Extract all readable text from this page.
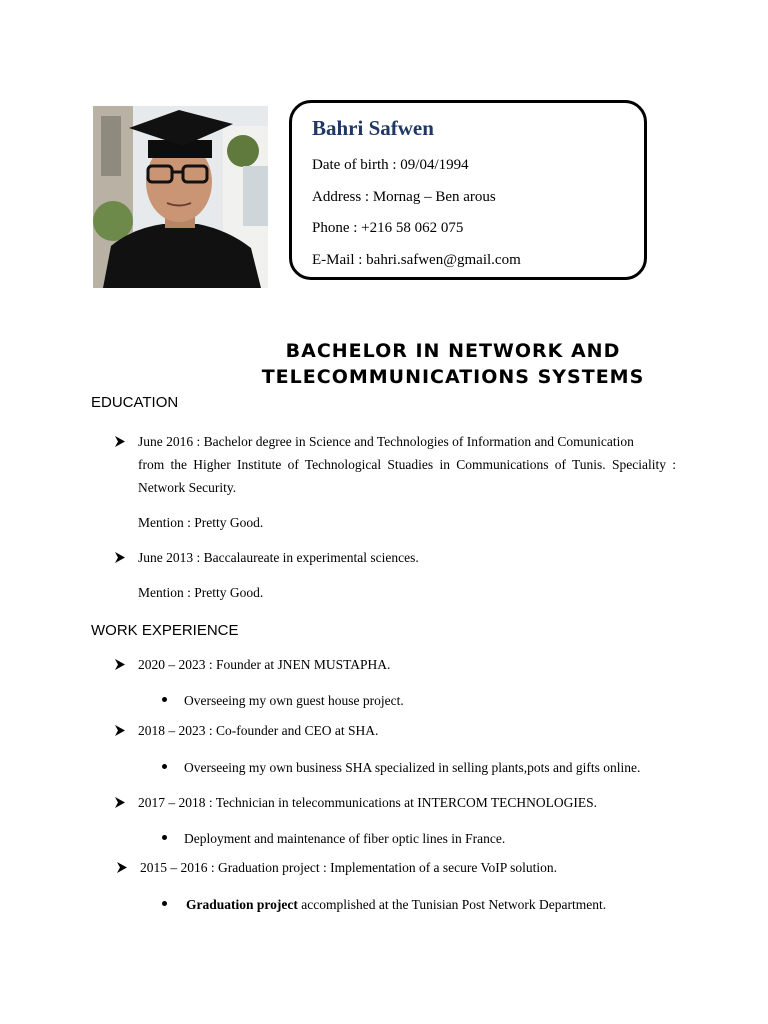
Bahri Safwen
Date of birth : 09/04/1994
Address : Mornag – Ben arous
Phone : +216 58 062 075
E-Mail : bahri.safwen@gmail.com
BACHELOR IN NETWORK AND
TELECOMMUNICATIONS SYSTEMS
EDUCATION
June 2016 : Bachelor degree in Science and Technologies of Information and Comunication
from the Higher Institute of Technological Stuadies in Communications of Tunis. Speciality :
Network Security.
Mention : Pretty Good.
June 2013 : Baccalaureate in experimental sciences.
Mention : Pretty Good.
WORK EXPERIENCE
2020 – 2023 : Founder at JNEN MUSTAPHA.
Overseeing my own guest house project.
2018 – 2023 : Co-founder and CEO at SHA.
Overseeing my own business SHA specialized in selling plants,pots and gifts online.
2017 – 2018 : Technician in telecommunications at INTERCOM TECHNOLOGIES.
Deployment and maintenance of fiber optic lines in France.
2015 – 2016 : Graduation project : Implementation of a secure VoIP solution.
Graduation project accomplished at the Tunisian Post Network Department.
